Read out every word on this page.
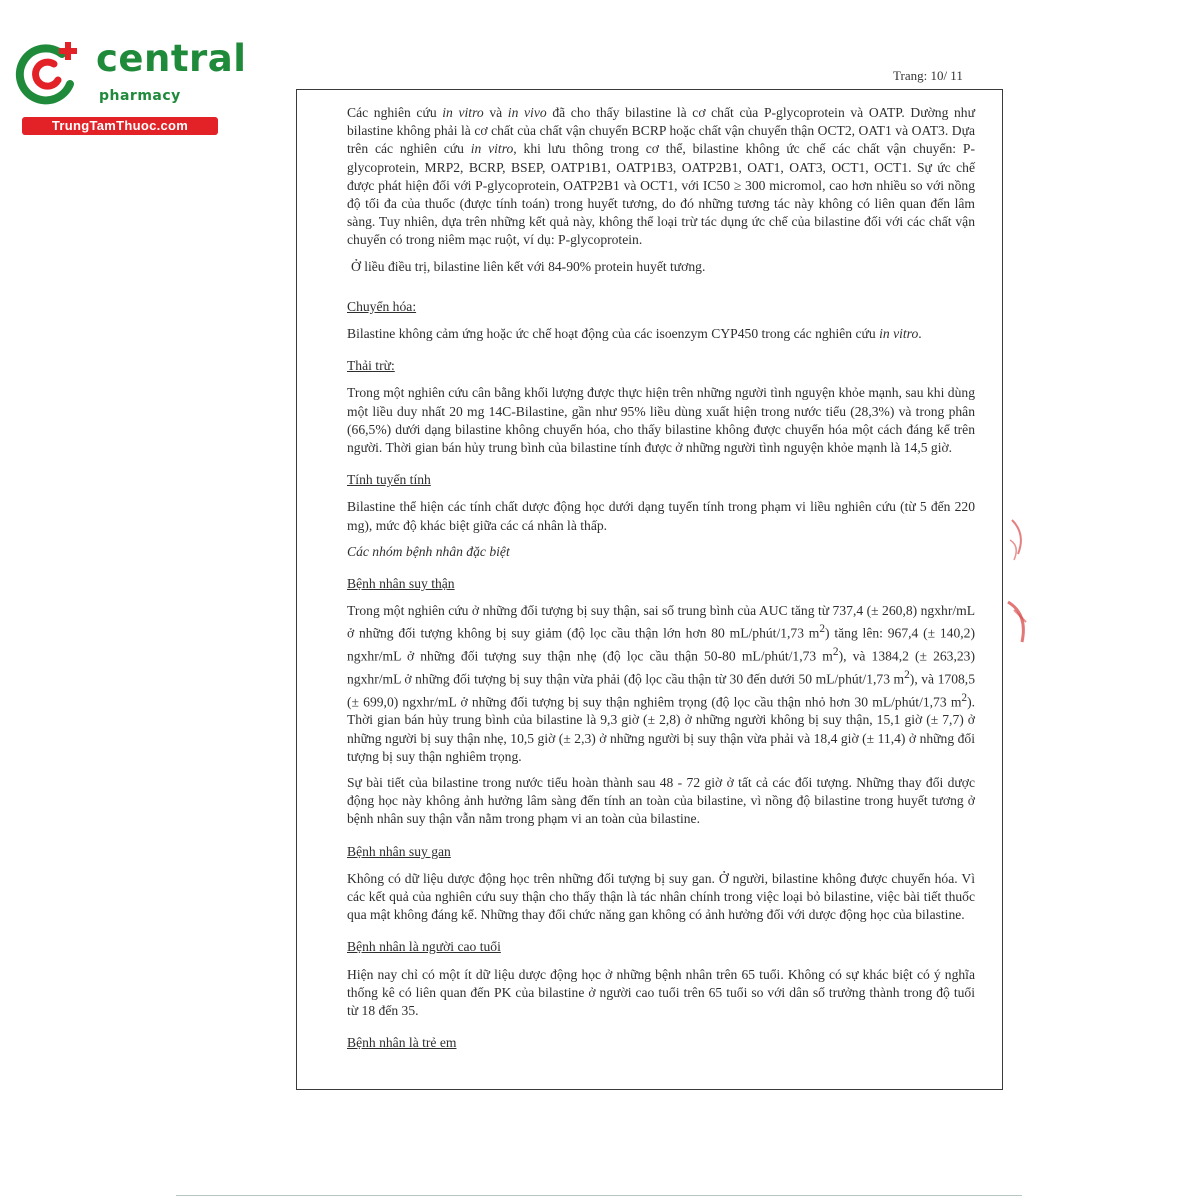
central
pharmacy
TrungTamThuoc.com
Trang: 10/ 11

Các nghiên cứu in vitro và in vivo đã cho thấy bilastine là cơ chất của P-glycoprotein và OATP. Dường như bilastine không phải là cơ chất của chất vận chuyển BCRP hoặc chất vận chuyển thận OCT2, OAT1 và OAT3. Dựa trên các nghiên cứu in vitro, khi lưu thông trong cơ thể, bilastine không ức chế các chất vận chuyển: P-glycoprotein, MRP2, BCRP, BSEP, OATP1B1, OATP1B3, OATP2B1, OAT1, OAT3, OCT1, OCT1. Sự ức chế được phát hiện đối với P-glycoprotein, OATP2B1 và OCT1, với IC50 ≥ 300 micromol, cao hơn nhiều so với nồng độ tối đa của thuốc (được tính toán) trong huyết tương, do đó những tương tác này không có liên quan đến lâm sàng. Tuy nhiên, dựa trên những kết quả này, không thể loại trừ tác dụng ức chế của bilastine đối với các chất vận chuyển có trong niêm mạc ruột, ví dụ: P-glycoprotein.

Ở liều điều trị, bilastine liên kết với 84-90% protein huyết tương.

Chuyển hóa:

Bilastine không cảm ứng hoặc ức chế hoạt động của các isoenzym CYP450 trong các nghiên cứu in vitro.

Thải trừ:

Trong một nghiên cứu cân bằng khối lượng được thực hiện trên những người tình nguyện khỏe mạnh, sau khi dùng một liều duy nhất 20 mg 14C-Bilastine, gần như 95% liều dùng xuất hiện trong nước tiểu (28,3%) và trong phân (66,5%) dưới dạng bilastine không chuyển hóa, cho thấy bilastine không được chuyển hóa một cách đáng kể trên người. Thời gian bán hủy trung bình của bilastine tính được ở những người tình nguyện khỏe mạnh là 14,5 giờ.

Tính tuyến tính

Bilastine thể hiện các tính chất dược động học dưới dạng tuyến tính trong phạm vi liều nghiên cứu (từ 5 đến 220 mg), mức độ khác biệt giữa các cá nhân là thấp.

Các nhóm bệnh nhân đặc biệt

Bệnh nhân suy thận

Trong một nghiên cứu ở những đối tượng bị suy thận, sai số trung bình của AUC tăng từ 737,4 (± 260,8) ngxhr/mL ở những đối tượng không bị suy giảm (độ lọc cầu thận lớn hơn 80 mL/phút/1,73 $m^2$) tăng lên: 967,4 (± 140,2) ngxhr/mL ở những đối tượng suy thận nhẹ (độ lọc cầu thận 50-80 mL/phút/1,73 $m^2$), và 1384,2 (± 263,23) ngxhr/mL ở những đối tượng bị suy thận vừa phải (độ lọc cầu thận từ 30 đến dưới 50 mL/phút/1,73 $m^2$), và 1708,5 (± 699,0) ngxhr/mL ở những đối tượng bị suy thận nghiêm trọng (độ lọc cầu thận nhỏ hơn 30 mL/phút/1,73 $m^2$). Thời gian bán hủy trung bình của bilastine là 9,3 giờ (± 2,8) ở những người không bị suy thận, 15,1 giờ (± 7,7) ở những người bị suy thận nhẹ, 10,5 giờ (± 2,3) ở những người bị suy thận vừa phải và 18,4 giờ (± 11,4) ở những đối tượng bị suy thận nghiêm trọng.

Sự bài tiết của bilastine trong nước tiểu hoàn thành sau 48 - 72 giờ ở tất cả các đối tượng. Những thay đổi dược động học này không ảnh hưởng lâm sàng đến tính an toàn của bilastine, vì nồng độ bilastine trong huyết tương ở bệnh nhân suy thận vẫn nằm trong phạm vi an toàn của bilastine.

Bệnh nhân suy gan

Không có dữ liệu dược động học trên những đối tượng bị suy gan. Ở người, bilastine không được chuyển hóa. Vì các kết quả của nghiên cứu suy thận cho thấy thận là tác nhân chính trong việc loại bỏ bilastine, việc bài tiết thuốc qua mật không đáng kể. Những thay đổi chức năng gan không có ảnh hưởng đối với dược động học của bilastine.

Bệnh nhân là người cao tuổi

Hiện nay chỉ có một ít dữ liệu dược động học ở những bệnh nhân trên 65 tuổi. Không có sự khác biệt có ý nghĩa thống kê có liên quan đến PK của bilastine ở người cao tuổi trên 65 tuổi so với dân số trưởng thành trong độ tuổi từ 18 đến 35.

Bệnh nhân là trẻ em
